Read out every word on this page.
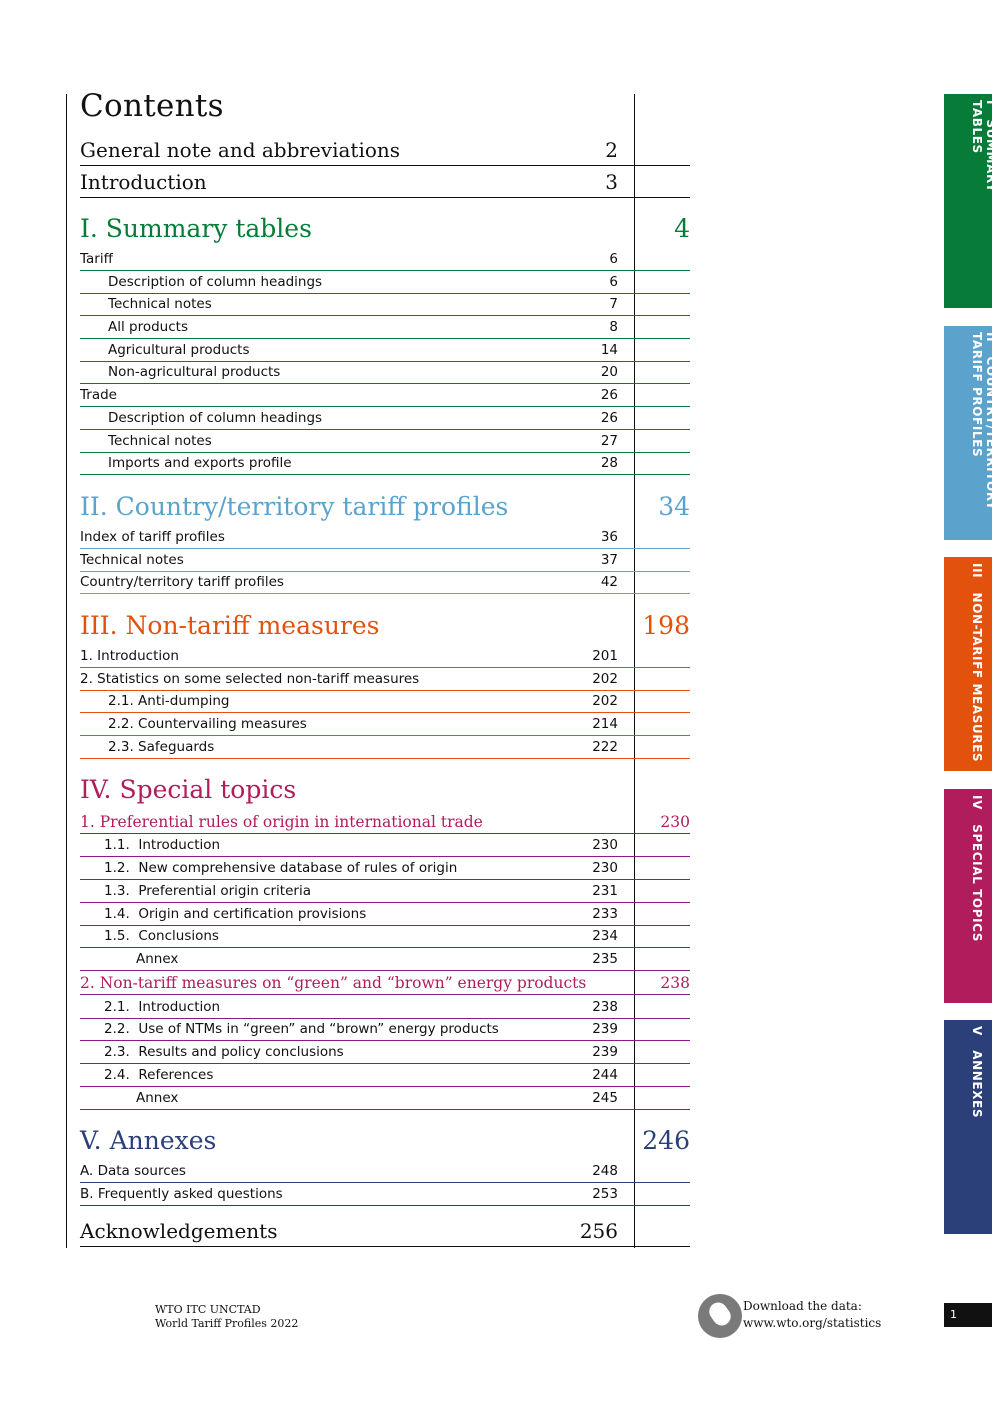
Contents
General note and abbreviations	2
Introduction	3
I. Summary tables	4
Tariff	6
Description of column headings	6
Technical notes	7
All products	8
Agricultural products	14
Non-agricultural products	20
Trade	26
Description of column headings	26
Technical notes	27
Imports and exports profile	28
II. Country/territory tariff profiles	34
Index of tariff profiles	36
Technical notes	37
Country/territory tariff profiles	42
III. Non-tariff measures	198
1. Introduction	201
2. Statistics on some selected non-tariff measures	202
2.1. Anti-dumping	202
2.2. Countervailing measures	214
2.3. Safeguards	222
IV. Special topics
1. Preferential rules of origin in international trade	230
1.1. Introduction	230
1.2. New comprehensive database of rules of origin	230
1.3. Preferential origin criteria	231
1.4. Origin and certification provisions	233
1.5. Conclusions	234
Annex	235
2. Non-tariff measures on “green” and “brown” energy products	238
2.1. Introduction	238
2.2. Use of NTMs in “green” and “brown” energy products	239
2.3. Results and policy conclusions	239
2.4. References	244
Annex	245
V. Annexes	246
A. Data sources	248
B. Frequently asked questions	253
Acknowledgements	256
I   SUMMARY
TABLES
II   COUNTRY/TERRITORY
TARIFF PROFILES
III   NON-TARIFF MEASURES
IV   SPECIAL TOPICS
V   ANNEXES
WTO ITC UNCTAD
World Tariff Profiles 2022
Download the data:
www.wto.org/statistics
1
